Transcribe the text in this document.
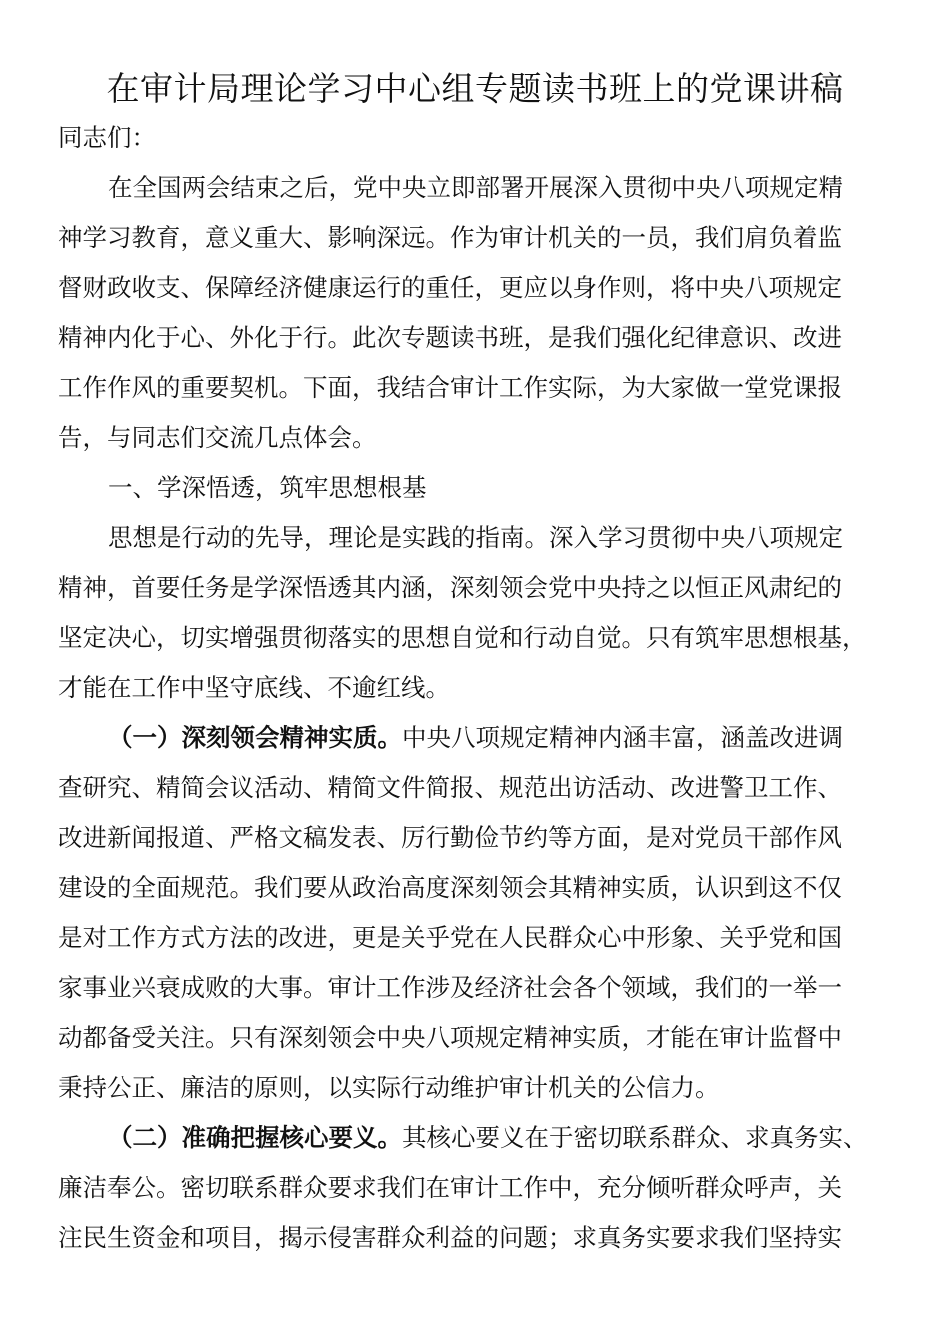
在审计局理论学习中心组专题读书班上的党课讲稿
同志们：
在全国两会结束之后，党中央立即部署开展深入贯彻中央八项规定精
神学习教育，意义重大、影响深远。作为审计机关的一员，我们肩负着监
督财政收支、保障经济健康运行的重任，更应以身作则，将中央八项规定
精神内化于心、外化于行。此次专题读书班，是我们强化纪律意识、改进
工作作风的重要契机。下面，我结合审计工作实际，为大家做一堂党课报
告，与同志们交流几点体会。
一、学深悟透，筑牢思想根基
思想是行动的先导，理论是实践的指南。深入学习贯彻中央八项规定
精神，首要任务是学深悟透其内涵，深刻领会党中央持之以恒正风肃纪的
坚定决心，切实增强贯彻落实的思想自觉和行动自觉。只有筑牢思想根基，
才能在工作中坚守底线、不逾红线。
（一）深刻领会精神实质。中央八项规定精神内涵丰富，涵盖改进调
查研究、精简会议活动、精简文件简报、规范出访活动、改进警卫工作、
改进新闻报道、严格文稿发表、厉行勤俭节约等方面，是对党员干部作风
建设的全面规范。我们要从政治高度深刻领会其精神实质，认识到这不仅
是对工作方式方法的改进，更是关乎党在人民群众心中形象、关乎党和国
家事业兴衰成败的大事。审计工作涉及经济社会各个领域，我们的一举一
动都备受关注。只有深刻领会中央八项规定精神实质，才能在审计监督中
秉持公正、廉洁的原则，以实际行动维护审计机关的公信力。
（二）准确把握核心要义。其核心要义在于密切联系群众、求真务实、
廉洁奉公。密切联系群众要求我们在审计工作中，充分倾听群众呼声，关
注民生资金和项目，揭示侵害群众利益的问题；求真务实要求我们坚持实
